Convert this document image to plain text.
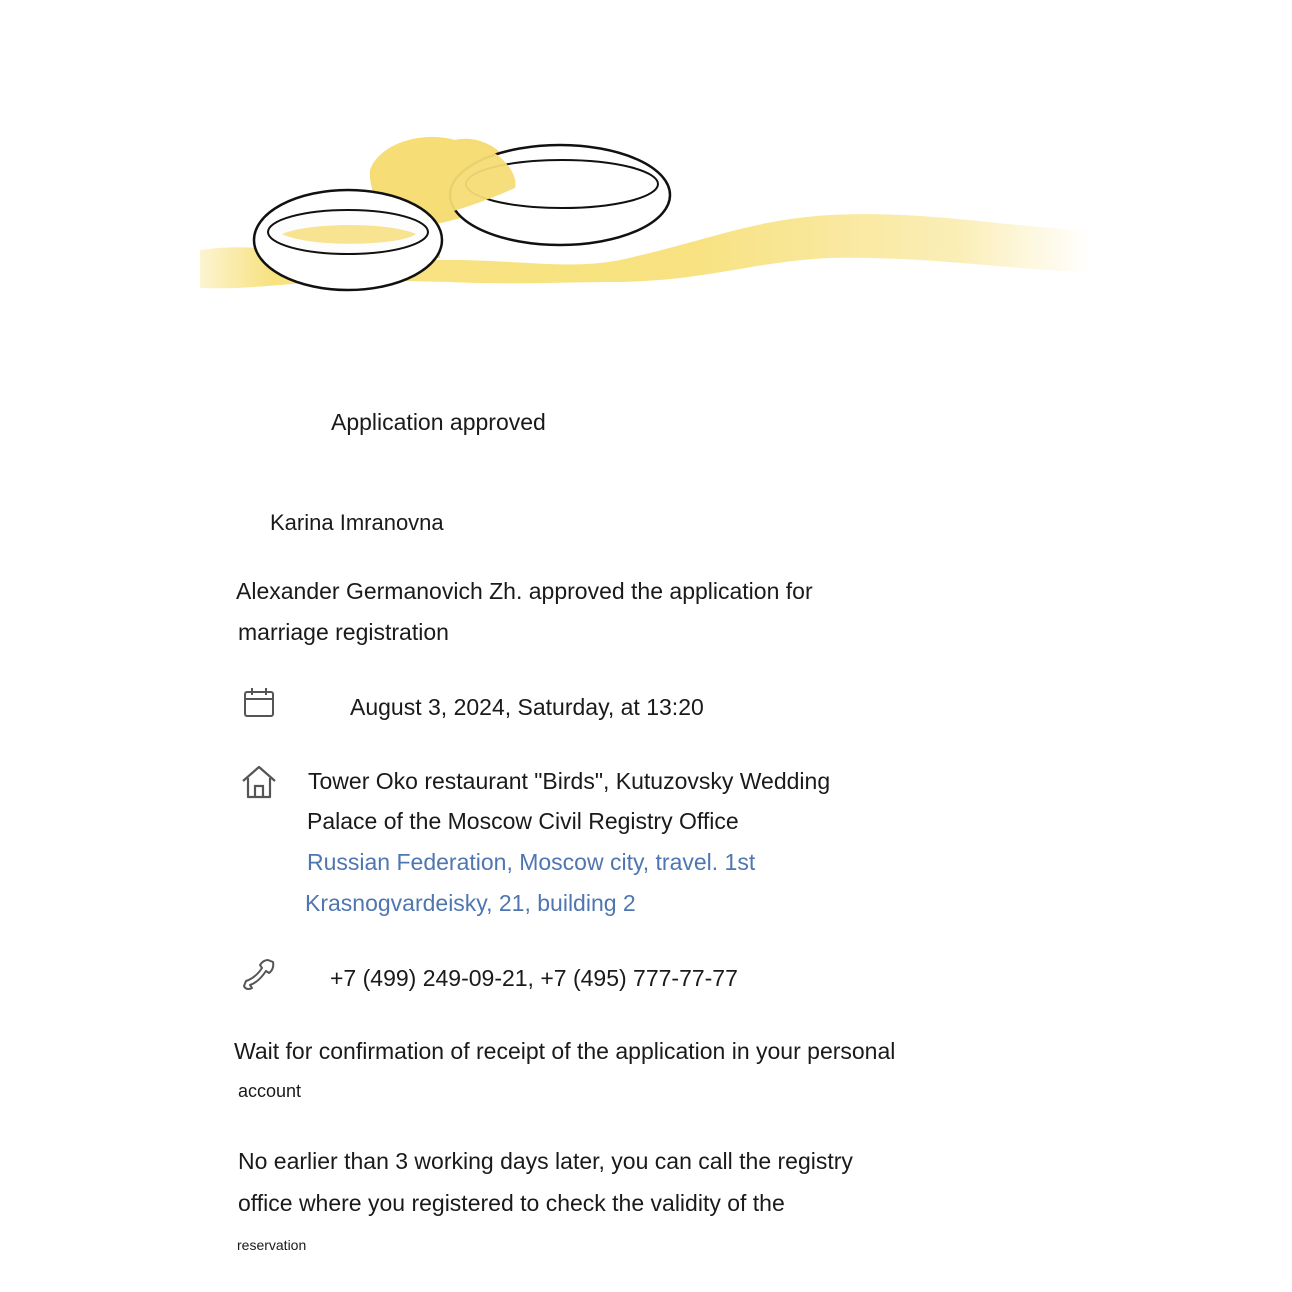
Application approved
Karina Imranovna
Alexander Germanovich Zh. approved the application for
marriage registration
August 3, 2024, Saturday, at 13:20
Tower Oko restaurant "Birds", Kutuzovsky Wedding
Palace of the Moscow Civil Registry Office
Russian Federation, Moscow city, travel. 1st
Krasnogvardeisky, 21, building 2
+7 (499) 249-09-21, +7 (495) 777-77-77
Wait for confirmation of receipt of the application in your personal
account
No earlier than 3 working days later, you can call the registry
office where you registered to check the validity of the
reservation
